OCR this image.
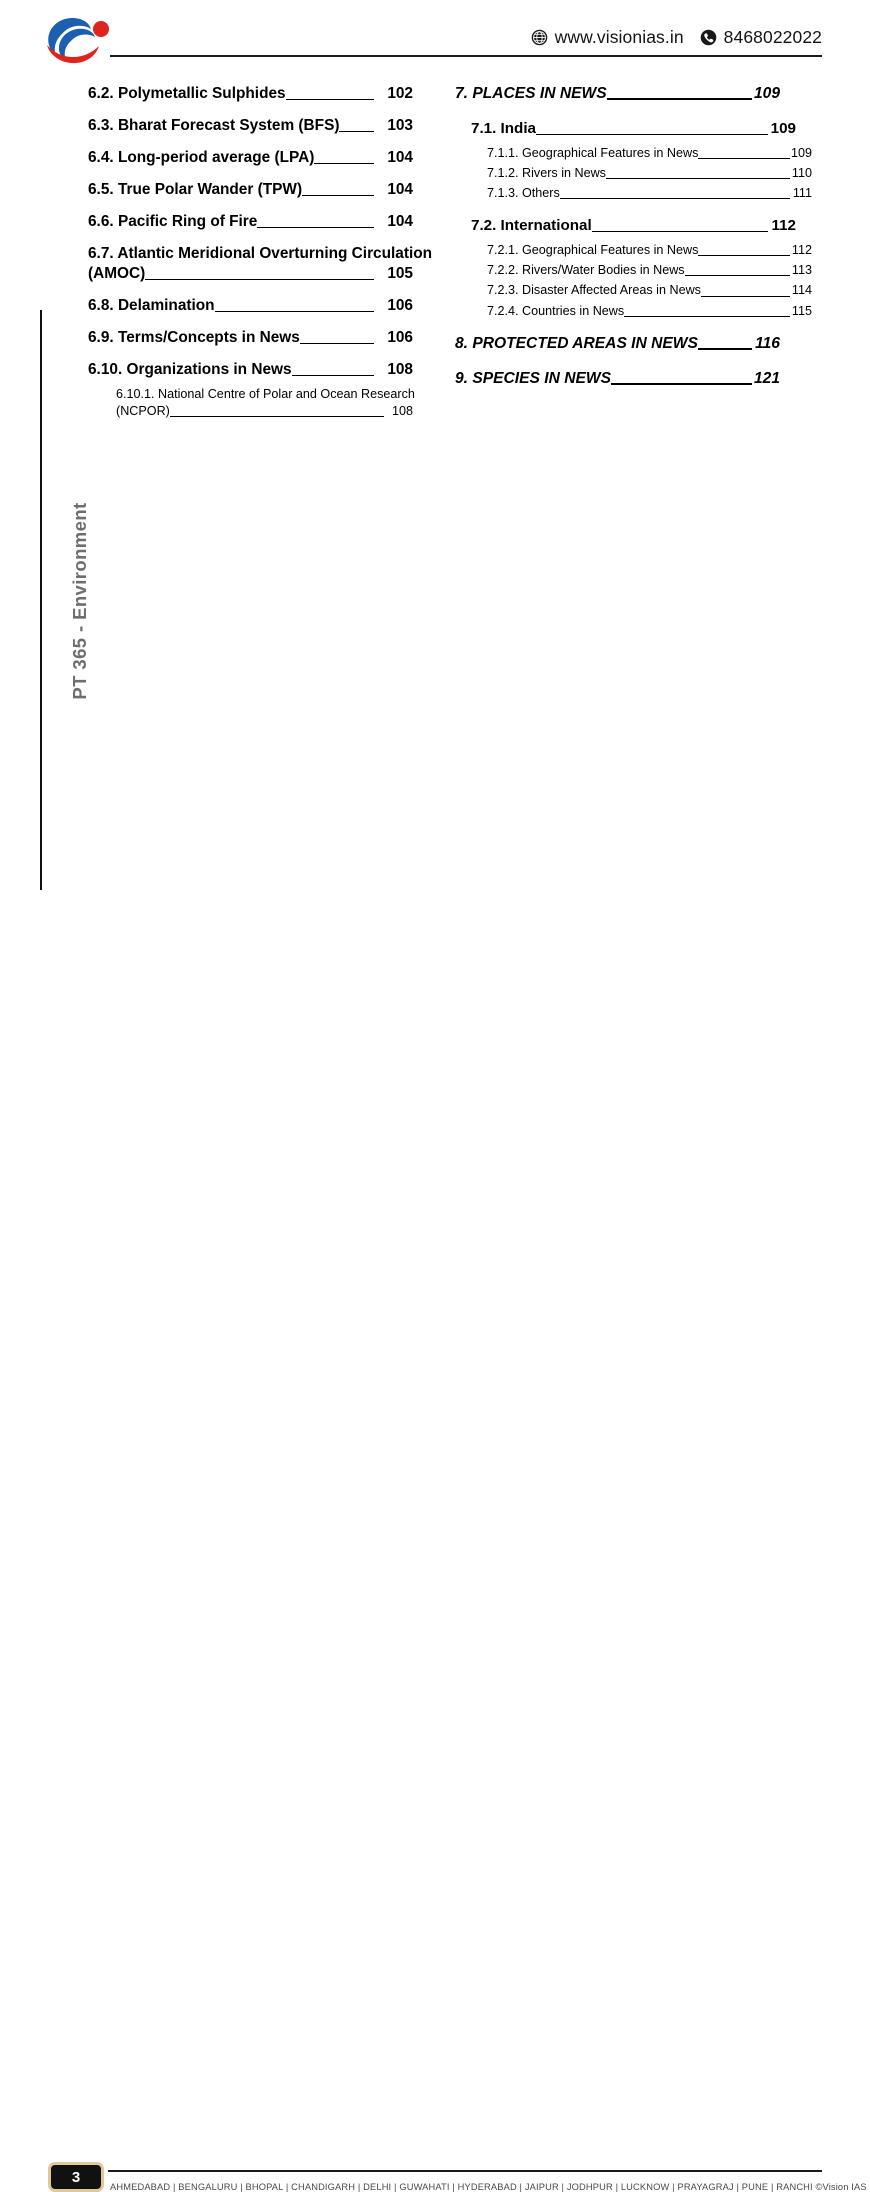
www.visionias.in 8468022022
PT 365 - Environment
6.2. Polymetallic Sulphides	102
6.3. Bharat Forecast System (BFS)	103
6.4. Long-period average (LPA)	104
6.5. True Polar Wander (TPW)	104
6.6. Pacific Ring of Fire	104
6.7. Atlantic Meridional Overturning Circulation
(AMOC)	105
6.8. Delamination	106
6.9. Terms/Concepts in News	106
6.10. Organizations in News	108
6.10.1. National Centre of Polar and Ocean Research
(NCPOR)	108
7. PLACES IN NEWS	109
7.1. India	109
7.1.1. Geographical Features in News	109
7.1.2. Rivers in News	110
7.1.3. Others	111
7.2. International	112
7.2.1. Geographical Features in News	112
7.2.2. Rivers/Water Bodies in News	113
7.2.3. Disaster Affected Areas in News	114
7.2.4. Countries in News	115
8. PROTECTED AREAS IN NEWS	116
9. SPECIES IN NEWS	121
3
AHMEDABAD | BENGALURU | BHOPAL | CHANDIGARH | DELHI | GUWAHATI | HYDERABAD | JAIPUR | JODHPUR | LUCKNOW | PRAYAGRAJ | PUNE | RANCHI ©Vision IAS
